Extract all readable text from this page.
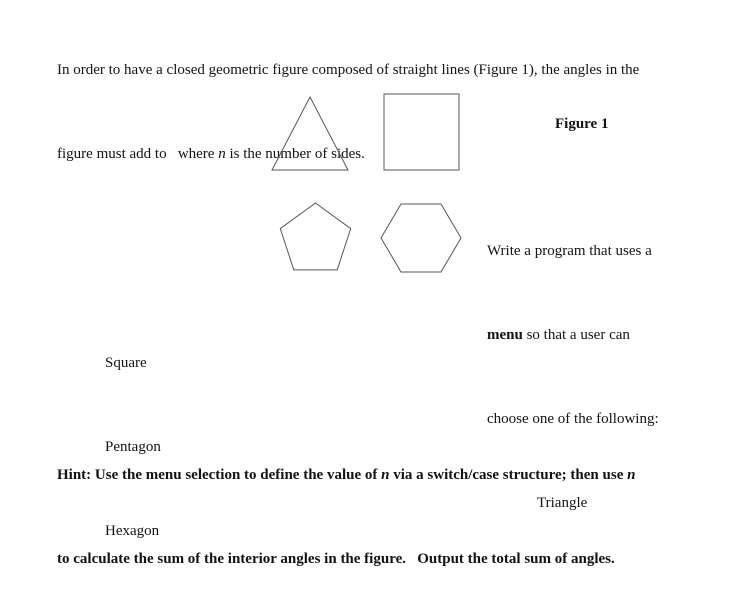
In order to have a closed geometric figure composed of straight lines (Figure 1), the angles in the

figure must add to   where n is the number of sides.

Figure 1

Write a program that uses a

menu so that a user can

choose one of the following:

Triangle

Square

Pentagon

Hexagon

Hint: Use the menu selection to define the value of n via a switch/case structure; then use n

to calculate the sum of the interior angles in the figure.   Output the total sum of angles.
